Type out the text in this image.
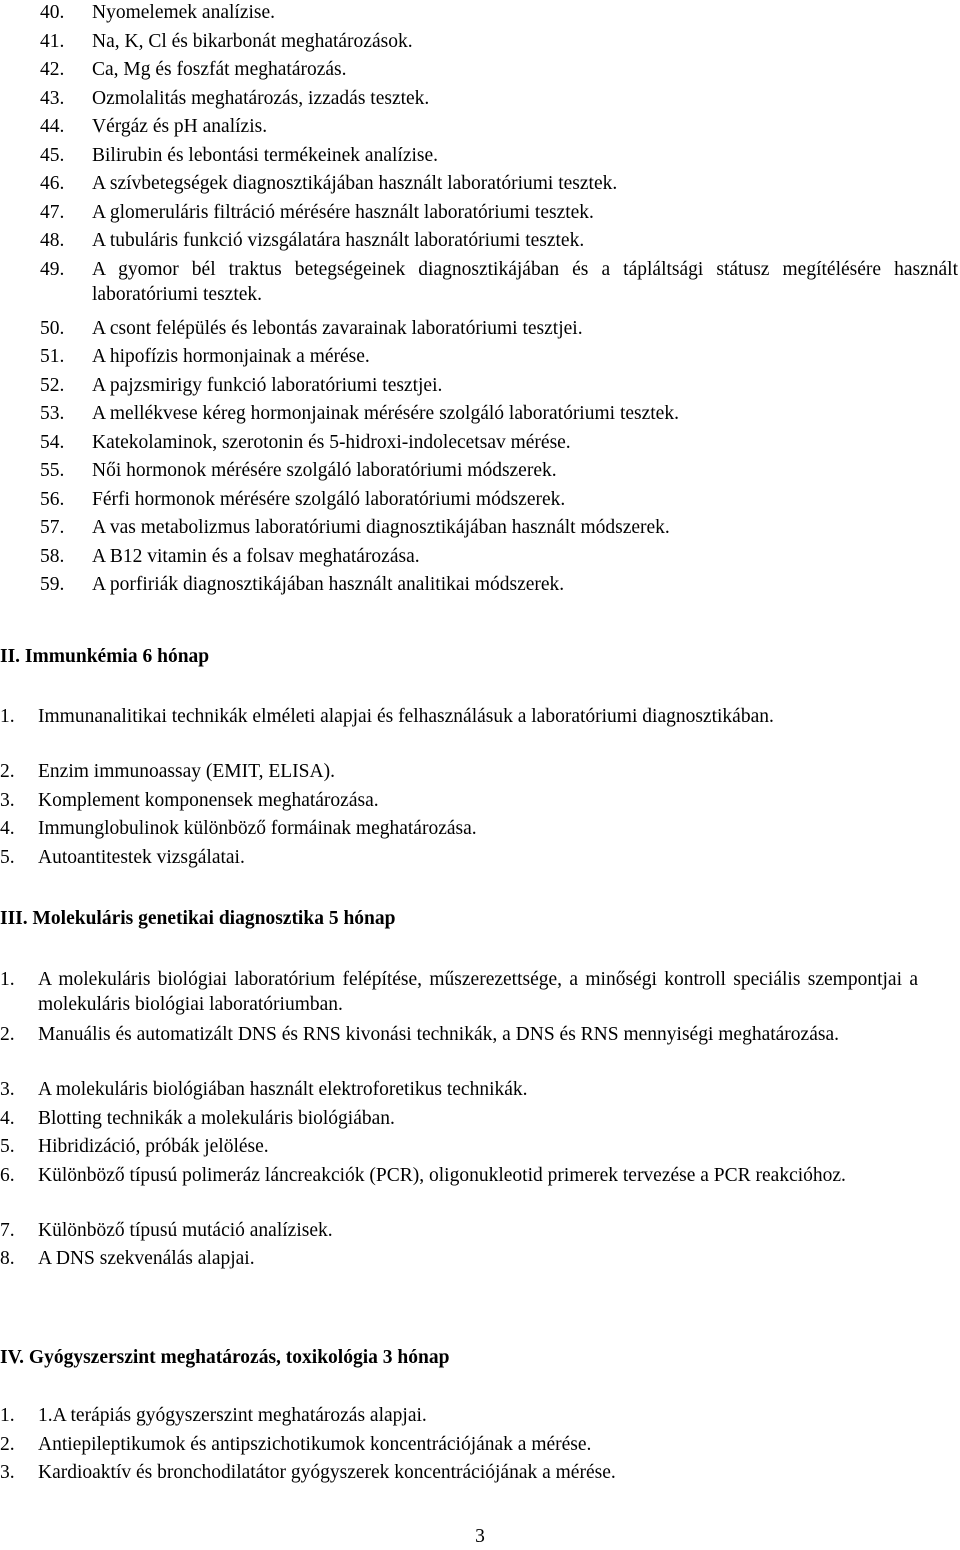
40.	Nyomelemek analízise.
41.	Na, K, Cl és bikarbonát meghatározások.
42.	Ca, Mg és foszfát meghatározás.
43.	Ozmolalitás meghatározás, izzadás tesztek.
44.	Vérgáz és pH analízis.
45.	Bilirubin és lebontási termékeinek analízise.
46.	A szívbetegségek diagnosztikájában használt laboratóriumi tesztek.
47.	A glomeruláris filtráció mérésére használt laboratóriumi tesztek.
48.	A tubuláris funkció vizsgálatára használt laboratóriumi tesztek.
49.	A gyomor bél traktus betegségeinek diagnosztikájában és a tápláltsági státusz megítélésére használt laboratóriumi tesztek.
50.	A csont felépülés és lebontás zavarainak laboratóriumi tesztjei.
51.	A hipofízis hormonjainak a mérése.
52.	A pajzsmirigy funkció laboratóriumi tesztjei.
53.	A mellékvese kéreg hormonjainak mérésére szolgáló laboratóriumi tesztek.
54.	Katekolaminok, szerotonin és 5-hidroxi-indolecetsav mérése.
55.	Női hormonok mérésére szolgáló laboratóriumi módszerek.
56.	Férfi hormonok mérésére szolgáló laboratóriumi módszerek.
57.	A vas metabolizmus laboratóriumi diagnosztikájában használt módszerek.
58.	A B12 vitamin és a folsav meghatározása.
59.	A porfiriák diagnosztikájában használt analitikai módszerek.
II. Immunkémia 6 hónap
1.	Immunanalitikai technikák elméleti alapjai és felhasználásuk a laboratóriumi diagnosztikában.
2.	Enzim immunoassay (EMIT, ELISA).
3.	Komplement komponensek meghatározása.
4.	Immunglobulinok különböző formáinak meghatározása.
5.	Autoantitestek vizsgálatai.
III. Molekuláris genetikai diagnosztika 5 hónap
1.	A molekuláris biológiai laboratórium felépítése, műszerezettsége, a minőségi kontroll speciális szempontjai a molekuláris biológiai laboratóriumban.
2.	Manuális és automatizált DNS és RNS kivonási technikák, a DNS és RNS mennyiségi meghatározása.
3.	A molekuláris biológiában használt elektroforetikus technikák.
4.	Blotting technikák a molekuláris biológiában.
5.	Hibridizáció, próbák jelölése.
6.	Különböző típusú polimeráz láncreakciók (PCR), oligonukleotid primerek tervezése a PCR reakcióhoz.
7.	Különböző típusú mutáció analízisek.
8.	A DNS szekvenálás alapjai.
IV. Gyógyszerszint meghatározás, toxikológia 3 hónap
1.	1.A terápiás gyógyszerszint meghatározás alapjai.
2.	Antiepileptikumok és antipszichotikumok koncentrációjának a mérése.
3.	Kardioaktív és bronchodilatátor gyógyszerek koncentrációjának a mérése.
3
